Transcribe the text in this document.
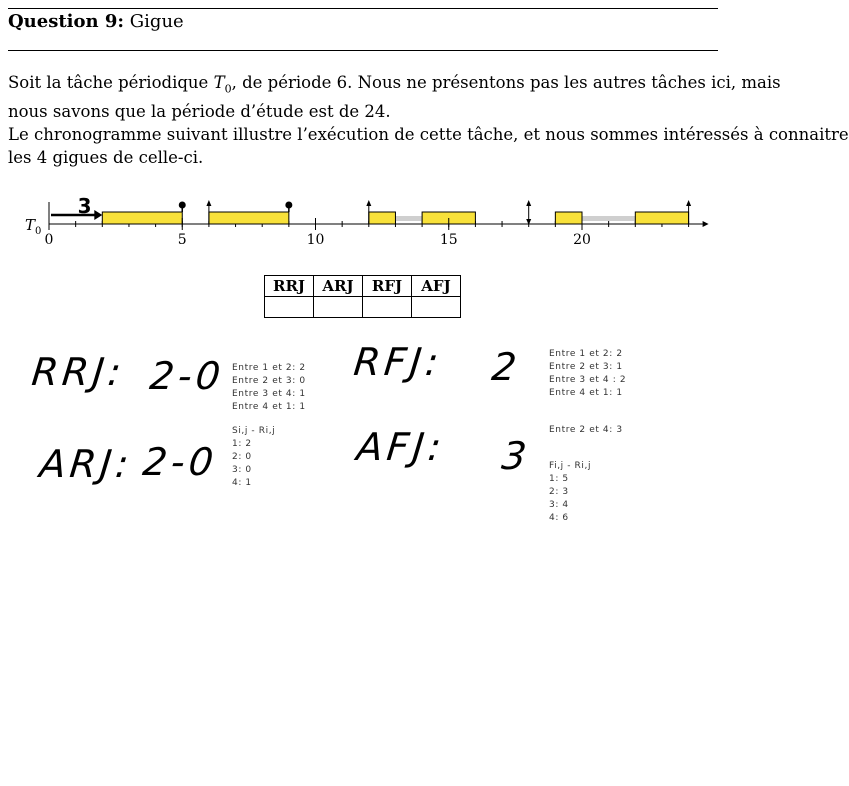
Question 9: Gigue
Soit la tâche périodique $T_0$, de période 6. Nous ne présentons pas les autres tâches ici, mais
nous savons que la période d’étude est de 24.
Le chronogramme suivant illustre l’exécution de cette tâche, et nous sommes intéressés à connaitre
les 4 gigues de celle-ci.
$T_0$
3
0	5	10	15	20
RRJ	ARJ	RFJ	AFJ

RRJ: 2-0
ARJ: 2-0
RFJ: 2
AFJ: 3
Entre 1 et 2: 2
Entre 2 et 3: 0
Entre 3 et 4: 1
Entre 4 et 1: 1
Si,j - Ri,j
1: 2
2: 0
3: 0
4: 1
Entre 1 et 2: 2
Entre 2 et 3: 1
Entre 3 et 4 : 2
Entre 4 et 1: 1
Entre 2 et 4: 3
Fi,j - Ri,j
1: 5
2: 3
3: 4
4: 6
